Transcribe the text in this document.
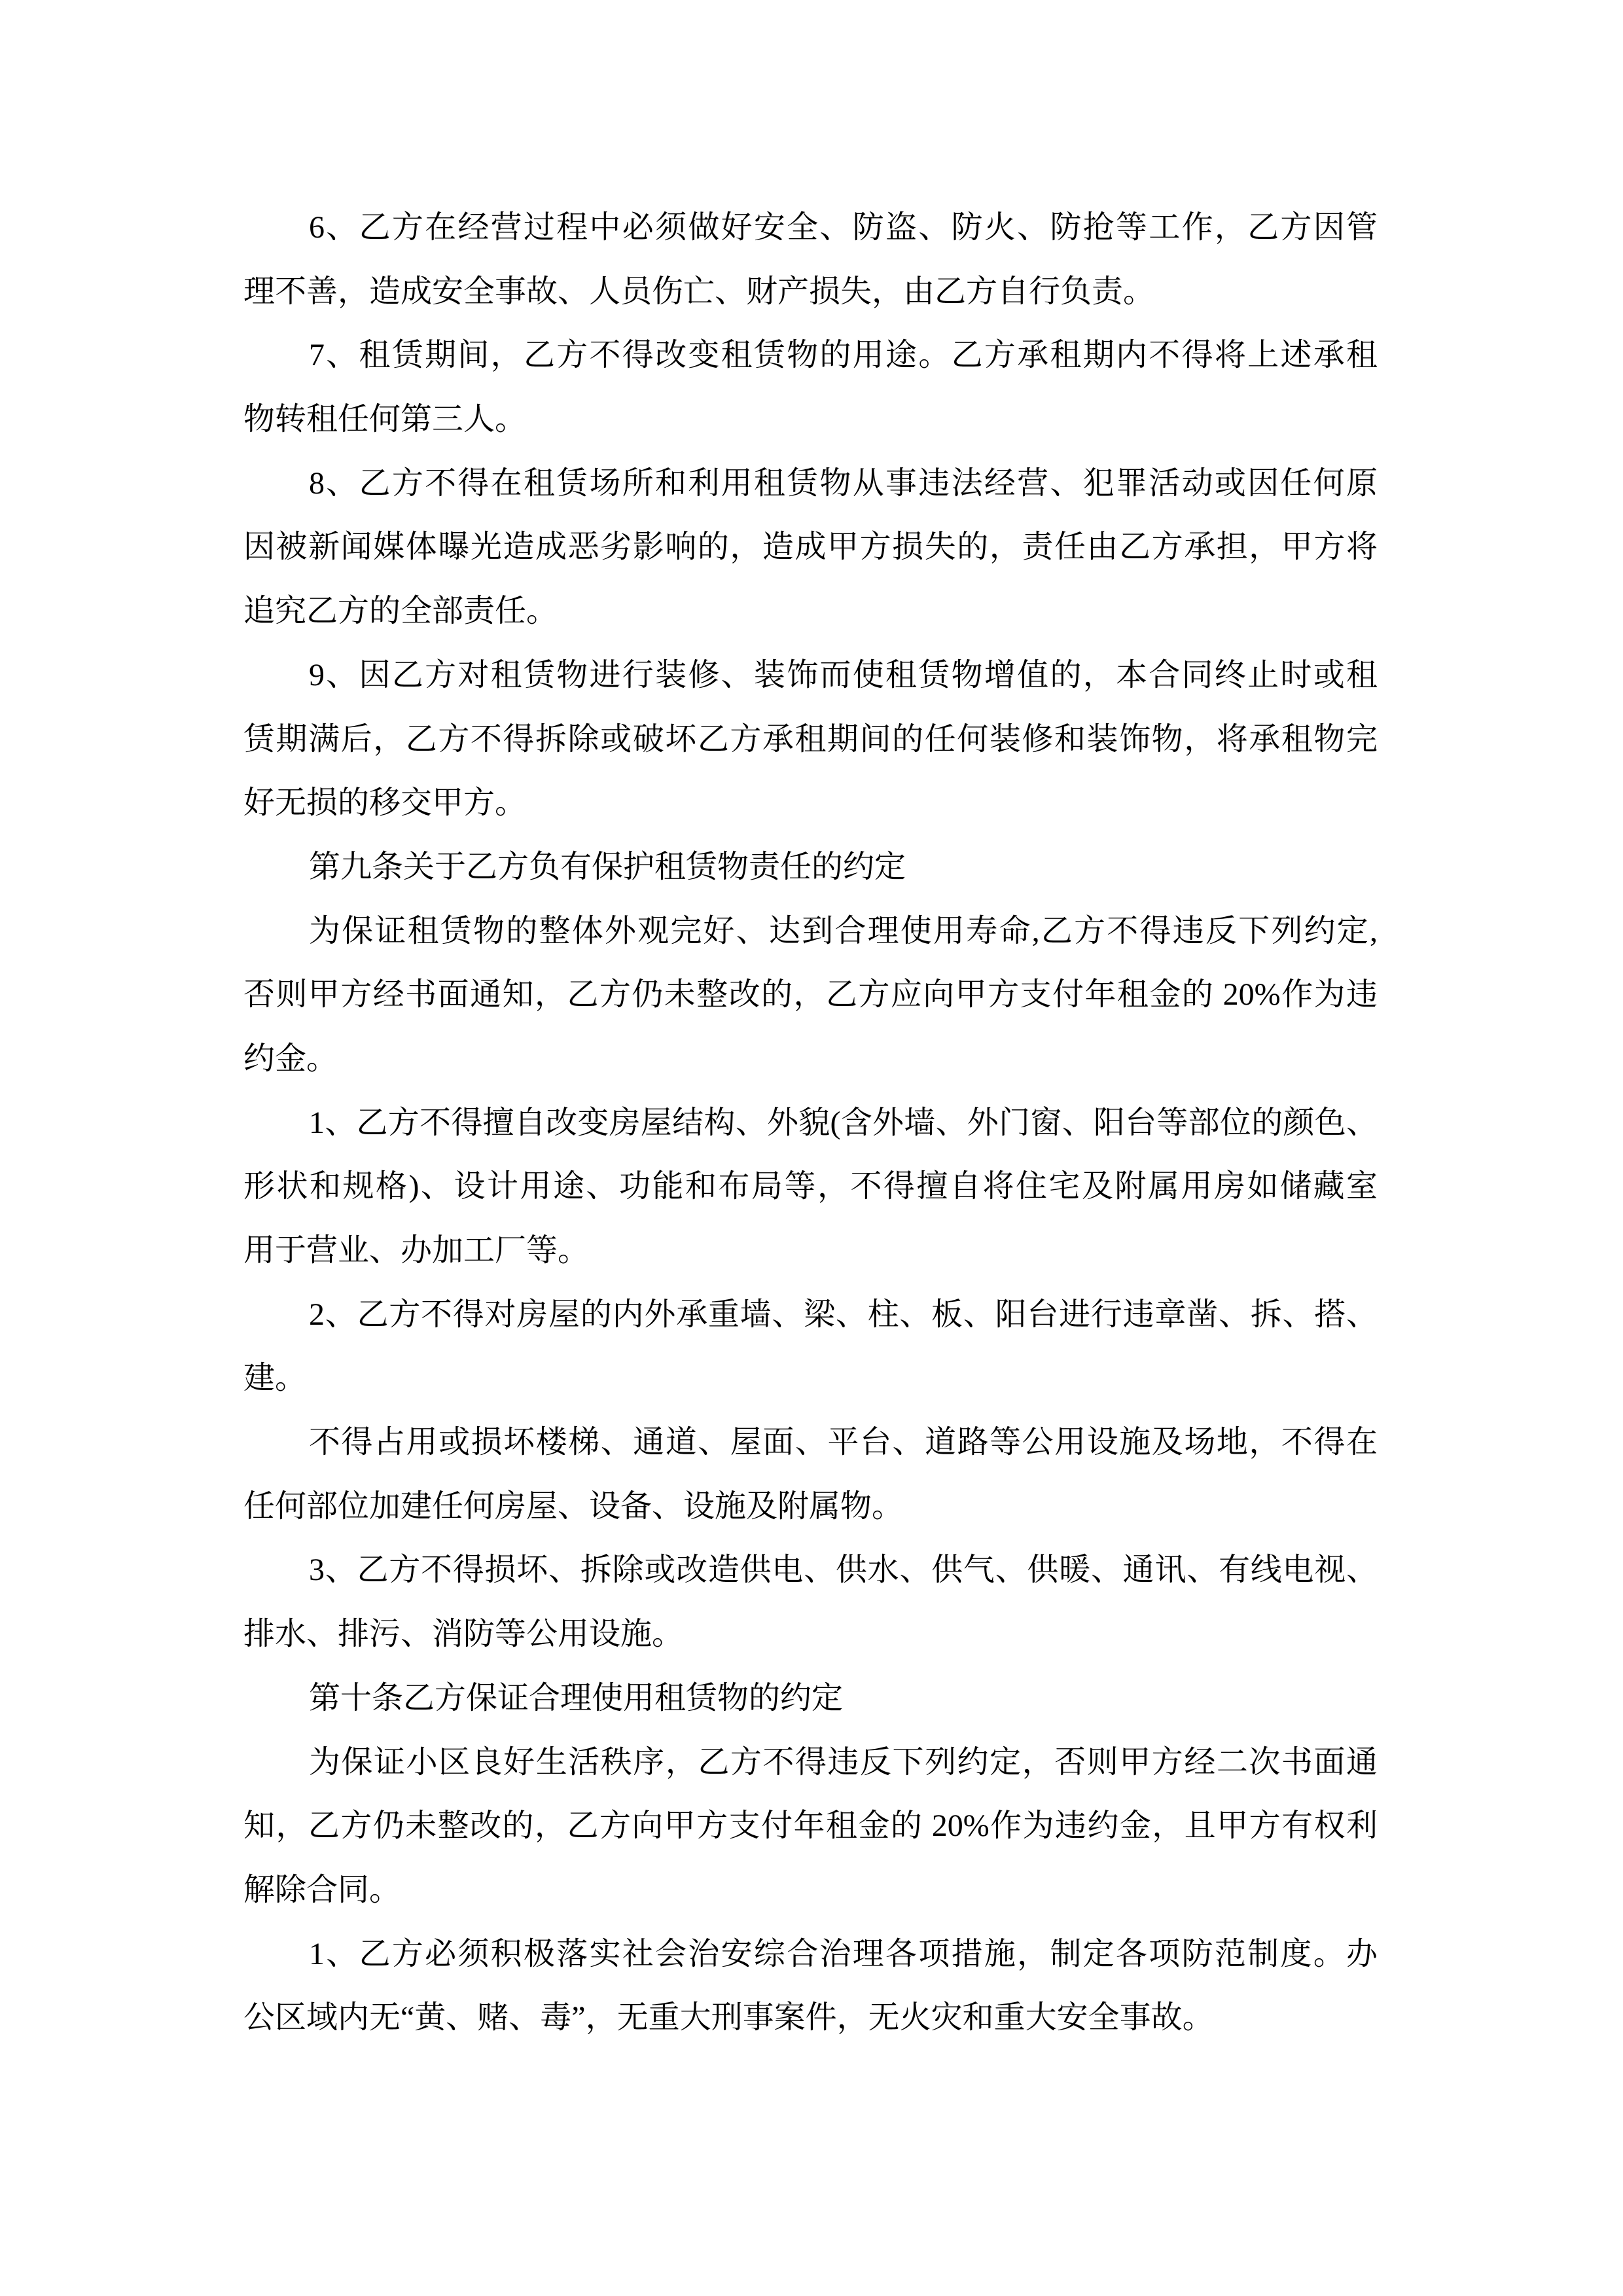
6、乙方在经营过程中必须做好安全、防盗、防火、防抢等工作，乙方因管
理不善，造成安全事故、人员伤亡、财产损失，由乙方自行负责。
7、租赁期间，乙方不得改变租赁物的用途。乙方承租期内不得将上述承租
物转租任何第三人。
8、乙方不得在租赁场所和利用租赁物从事违法经营、犯罪活动或因任何原
因被新闻媒体曝光造成恶劣影响的，造成甲方损失的，责任由乙方承担，甲方将
追究乙方的全部责任。
9、因乙方对租赁物进行装修、装饰而使租赁物增值的，本合同终止时或租
赁期满后，乙方不得拆除或破坏乙方承租期间的任何装修和装饰物，将承租物完
好无损的移交甲方。
第九条关于乙方负有保护租赁物责任的约定
为保证租赁物的整体外观完好、达到合理使用寿命,乙方不得违反下列约定,
否则甲方经书面通知，乙方仍未整改的，乙方应向甲方支付年租金的 20%作为违
约金。
1、乙方不得擅自改变房屋结构、外貌(含外墙、外门窗、阳台等部位的颜色、
形状和规格)、设计用途、功能和布局等，不得擅自将住宅及附属用房如储藏室
用于营业、办加工厂等。
2、乙方不得对房屋的内外承重墙、梁、柱、板、阳台进行违章凿、拆、搭、
建。
不得占用或损坏楼梯、通道、屋面、平台、道路等公用设施及场地，不得在
任何部位加建任何房屋、设备、设施及附属物。
3、乙方不得损坏、拆除或改造供电、供水、供气、供暖、通讯、有线电视、
排水、排污、消防等公用设施。
第十条乙方保证合理使用租赁物的约定
为保证小区良好生活秩序，乙方不得违反下列约定，否则甲方经二次书面通
知，乙方仍未整改的，乙方向甲方支付年租金的 20%作为违约金，且甲方有权利
解除合同。
1、乙方必须积极落实社会治安综合治理各项措施，制定各项防范制度。办
公区域内无“黄、赌、毒”，无重大刑事案件，无火灾和重大安全事故。
